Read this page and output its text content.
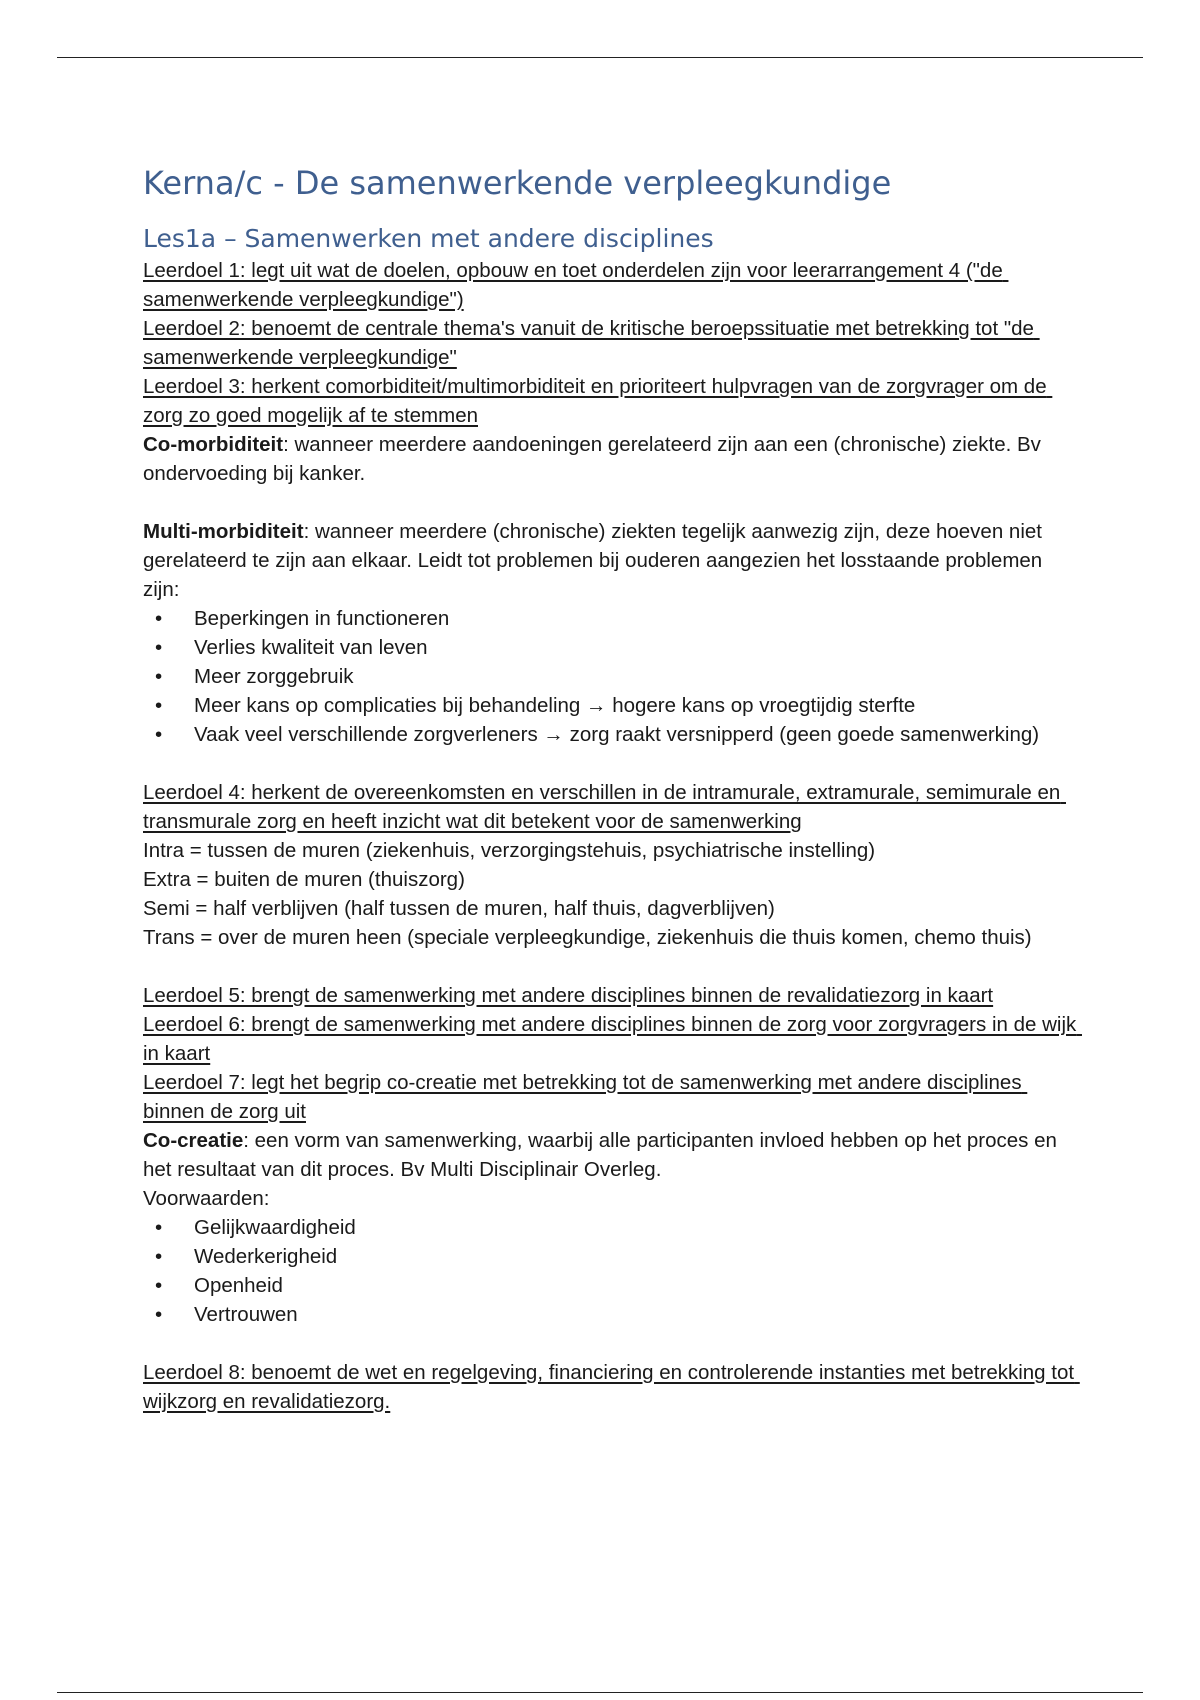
Kerna/c - De samenwerkende verpleegkundige
Les1a – Samenwerken met andere disciplines
Leerdoel 1: legt uit wat de doelen, opbouw en toet onderdelen zijn voor leerarrangement 4 ("de samenwerkende verpleegkundige")
Leerdoel 2: benoemt de centrale thema's vanuit de kritische beroepssituatie met betrekking tot "de samenwerkende verpleegkundige"
Leerdoel 3: herkent comorbiditeit/multimorbiditeit en prioriteert hulpvragen van de zorgvrager om de zorg zo goed mogelijk af te stemmen
Co-morbiditeit: wanneer meerdere aandoeningen gerelateerd zijn aan een (chronische) ziekte. Bv ondervoeding bij kanker.
Multi-morbiditeit: wanneer meerdere (chronische) ziekten tegelijk aanwezig zijn, deze hoeven niet gerelateerd te zijn aan elkaar. Leidt tot problemen bij ouderen aangezien het losstaande problemen zijn:
• Beperkingen in functioneren
• Verlies kwaliteit van leven
• Meer zorggebruik
• Meer kans op complicaties bij behandeling → hogere kans op vroegtijdig sterfte
• Vaak veel verschillende zorgverleners → zorg raakt versnipperd (geen goede samenwerking)
Leerdoel 4: herkent de overeenkomsten en verschillen in de intramurale, extramurale, semimurale en transmurale zorg en heeft inzicht wat dit betekent voor de samenwerking
Intra = tussen de muren (ziekenhuis, verzorgingstehuis, psychiatrische instelling)
Extra = buiten de muren (thuiszorg)
Semi = half verblijven (half tussen de muren, half thuis, dagverblijven)
Trans = over de muren heen (speciale verpleegkundige, ziekenhuis die thuis komen, chemo thuis)
Leerdoel 5: brengt de samenwerking met andere disciplines binnen de revalidatiezorg in kaart
Leerdoel 6: brengt de samenwerking met andere disciplines binnen de zorg voor zorgvragers in de wijk in kaart
Leerdoel 7: legt het begrip co-creatie met betrekking tot de samenwerking met andere disciplines binnen de zorg uit
Co-creatie: een vorm van samenwerking, waarbij alle participanten invloed hebben op het proces en het resultaat van dit proces. Bv Multi Disciplinair Overleg.
Voorwaarden:
• Gelijkwaardigheid
• Wederkerigheid
• Openheid
• Vertrouwen
Leerdoel 8: benoemt de wet en regelgeving, financiering en controlerende instanties met betrekking tot wijkzorg en revalidatiezorg.
